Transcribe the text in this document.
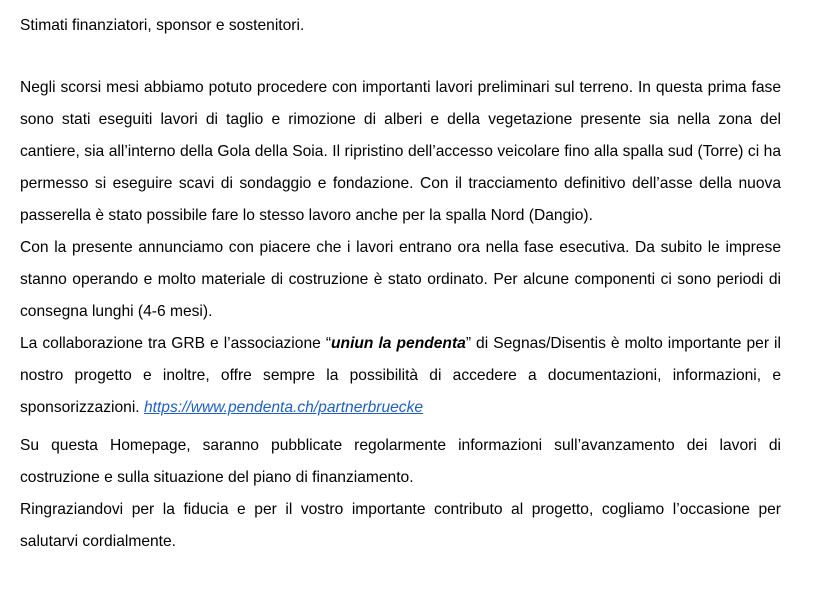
Stimati finanziatori, sponsor e sostenitori.

Negli scorsi mesi abbiamo potuto procedere con importanti lavori preliminari sul terreno. In questa prima fase sono stati eseguiti lavori di taglio e rimozione di alberi e della vegetazione presente sia nella zona del cantiere, sia all’interno della Gola della Soia. Il ripristino dell’accesso veicolare fino alla spalla sud (Torre) ci ha permesso si eseguire scavi di sondaggio e fondazione. Con il tracciamento definitivo dell’asse della nuova passerella è stato possibile fare lo stesso lavoro anche per la spalla Nord (Dangio).

Con la presente annunciamo con piacere che i lavori entrano ora nella fase esecutiva. Da subito le imprese stanno operando e molto materiale di costruzione è stato ordinato. Per alcune componenti ci sono periodi di consegna lunghi (4-6 mesi).

La collaborazione tra GRB e l’associazione “uniun la pendenta” di Segnas/Disentis è molto importante per il nostro progetto e inoltre, offre sempre la possibilità di accedere a documentazioni, informazioni, e sponsorizzazioni. https://www.pendenta.ch/partnerbruecke

Su questa Homepage, saranno pubblicate regolarmente informazioni sull’avanzamento dei lavori di costruzione e sulla situazione del piano di finanziamento.

Ringraziandovi per la fiducia e per il vostro importante contributo al progetto, cogliamo l’occasione per salutarvi cordialmente.
